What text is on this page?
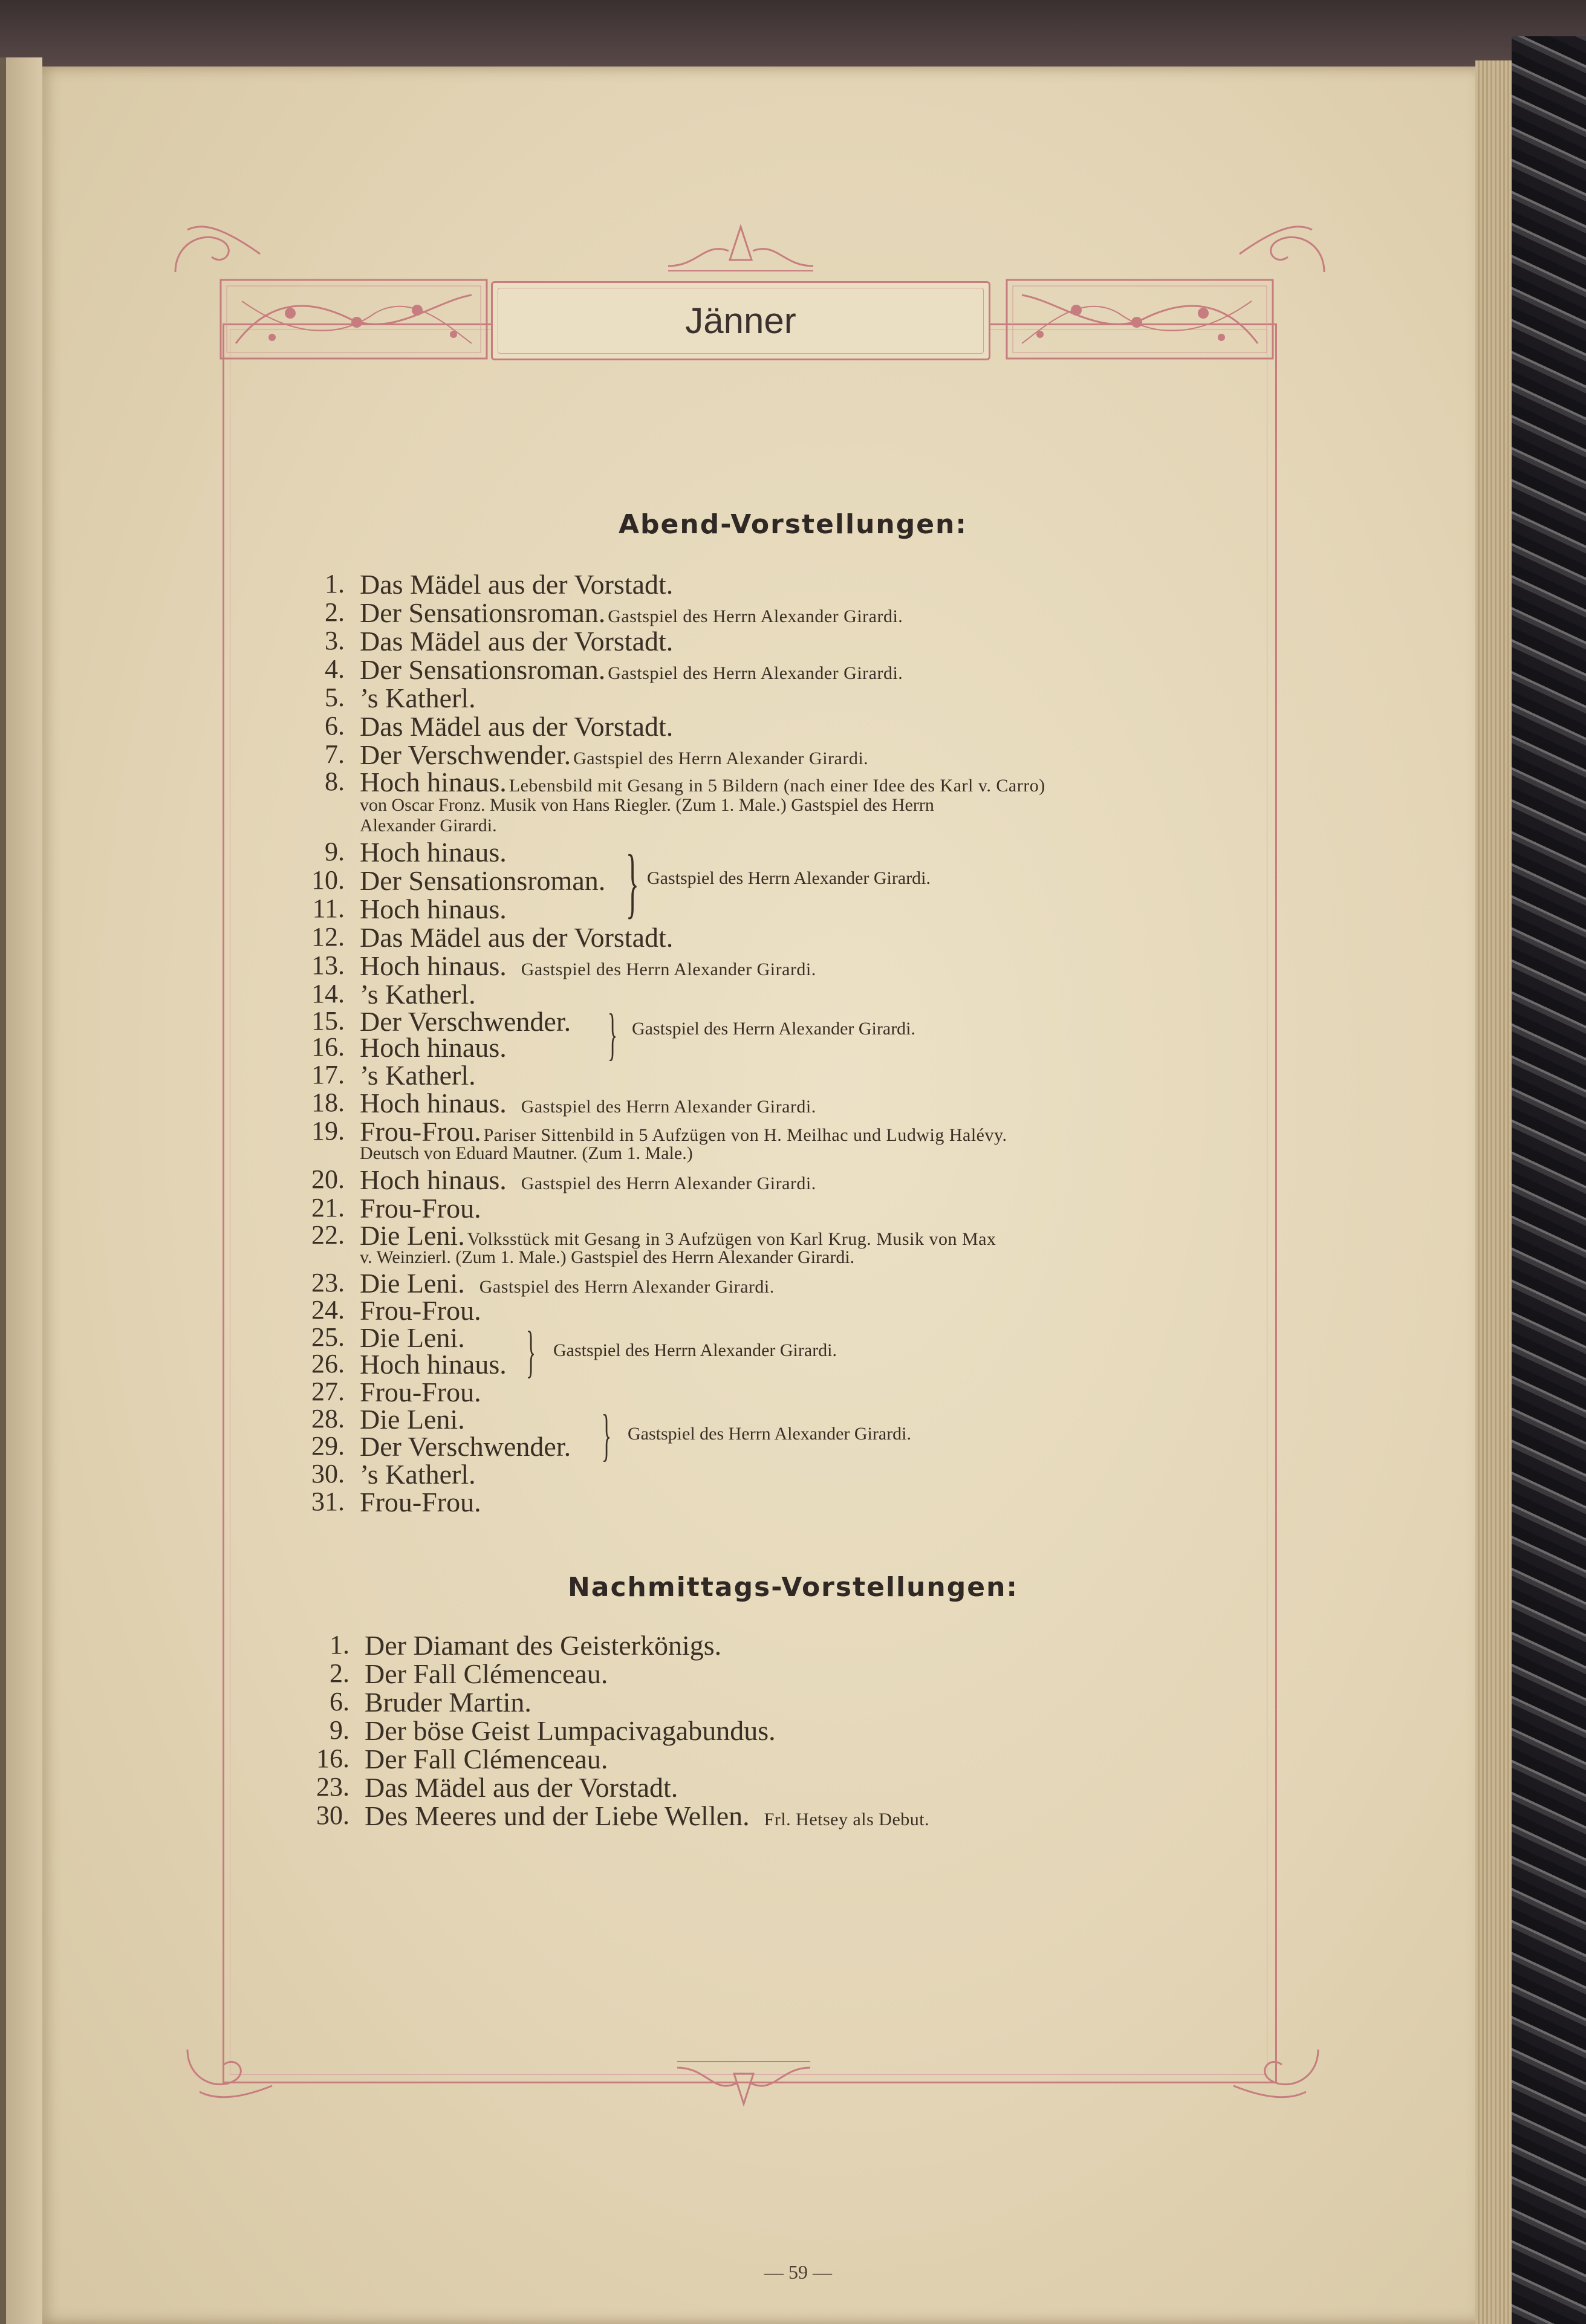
Jänner
Abend-Vorstellungen:
1. Das Mädel aus der Vorstadt.
2. Der Sensationsroman. Gastspiel des Herrn Alexander Girardi.
3. Das Mädel aus der Vorstadt.
4. Der Sensationsroman. Gastspiel des Herrn Alexander Girardi.
5. ’s Katherl.
6. Das Mädel aus der Vorstadt.
7. Der Verschwender. Gastspiel des Herrn Alexander Girardi.
8. Hoch hinaus. Lebensbild mit Gesang in 5 Bildern (nach einer Idee des Karl v. Carro)
von Oscar Fronz. Musik von Hans Riegler. (Zum 1. Male.) Gastspiel des Herrn
Alexander Girardi.
9. Hoch hinaus.
10. Der Sensationsroman.
11. Hoch hinaus.
12. Das Mädel aus der Vorstadt.
13. Hoch hinaus. Gastspiel des Herrn Alexander Girardi.
14. ’s Katherl.
15. Der Verschwender.
16. Hoch hinaus.
17. ’s Katherl.
18. Hoch hinaus. Gastspiel des Herrn Alexander Girardi.
19. Frou-Frou. Pariser Sittenbild in 5 Aufzügen von H. Meilhac und Ludwig Halévy.
Deutsch von Eduard Mautner. (Zum 1. Male.)
20. Hoch hinaus. Gastspiel des Herrn Alexander Girardi.
21. Frou-Frou.
22. Die Leni. Volksstück mit Gesang in 3 Aufzügen von Karl Krug. Musik von Max
v. Weinzierl. (Zum 1. Male.) Gastspiel des Herrn Alexander Girardi.
23. Die Leni. Gastspiel des Herrn Alexander Girardi.
24. Frou-Frou.
25. Die Leni.
26. Hoch hinaus.
27. Frou-Frou.
28. Die Leni.
29. Der Verschwender.
30. ’s Katherl.
31. Frou-Frou.
} Gastspiel des Herrn Alexander Girardi.
} Gastspiel des Herrn Alexander Girardi.
} Gastspiel des Herrn Alexander Girardi.
} Gastspiel des Herrn Alexander Girardi.
Nachmittags-Vorstellungen:
1. Der Diamant des Geisterkönigs.
2. Der Fall Clémenceau.
6. Bruder Martin.
9. Der böse Geist Lumpacivagabundus.
16. Der Fall Clémenceau.
23. Das Mädel aus der Vorstadt.
30. Des Meeres und der Liebe Wellen. Frl. Hetsey als Debut.
— 59 —
